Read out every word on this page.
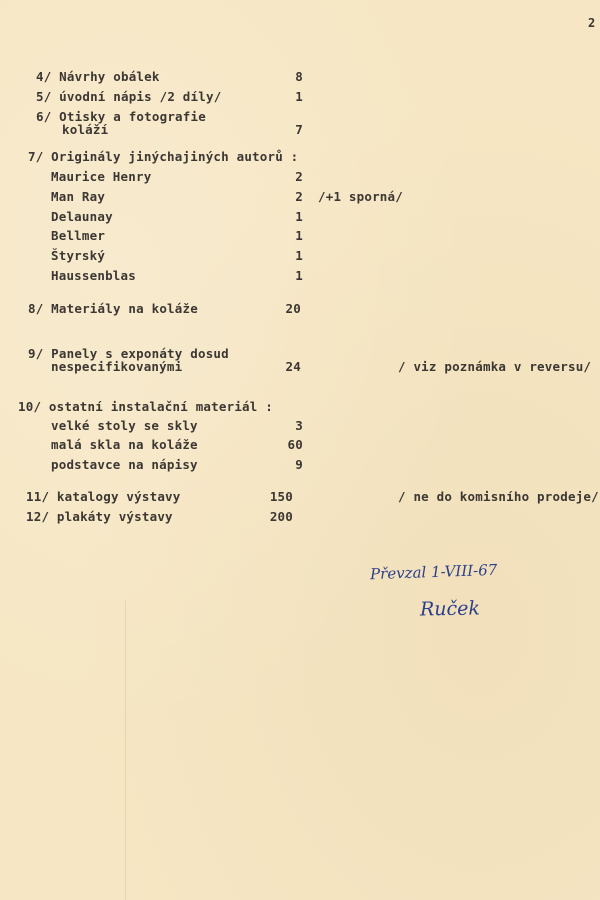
2
4/ Návrhy obálek	8
5/ úvodní nápis /2 díly/	1
6/ Otisky a fotografie
koláží	7
7/ Originály jinýchajiných autorů :
Maurice Henry	2
Man Ray	2 /+1 sporná/
Delaunay	1
Bellmer	1
Štyrský	1
Haussenblas	1
8/ Materiály na koláže	20
9/ Panely s exponáty dosud
nespecifikovanými	24	/ viz poznámka v reversu/
10/ ostatní instalační materiál :
velké stoly se skly	3
malá skla na koláže	60
podstavce na nápisy	9
11/ katalogy výstavy	150	/ ne do komisního prodeje/
12/ plakáty výstavy	200
Převzal 1-VIII-67
Ruček
